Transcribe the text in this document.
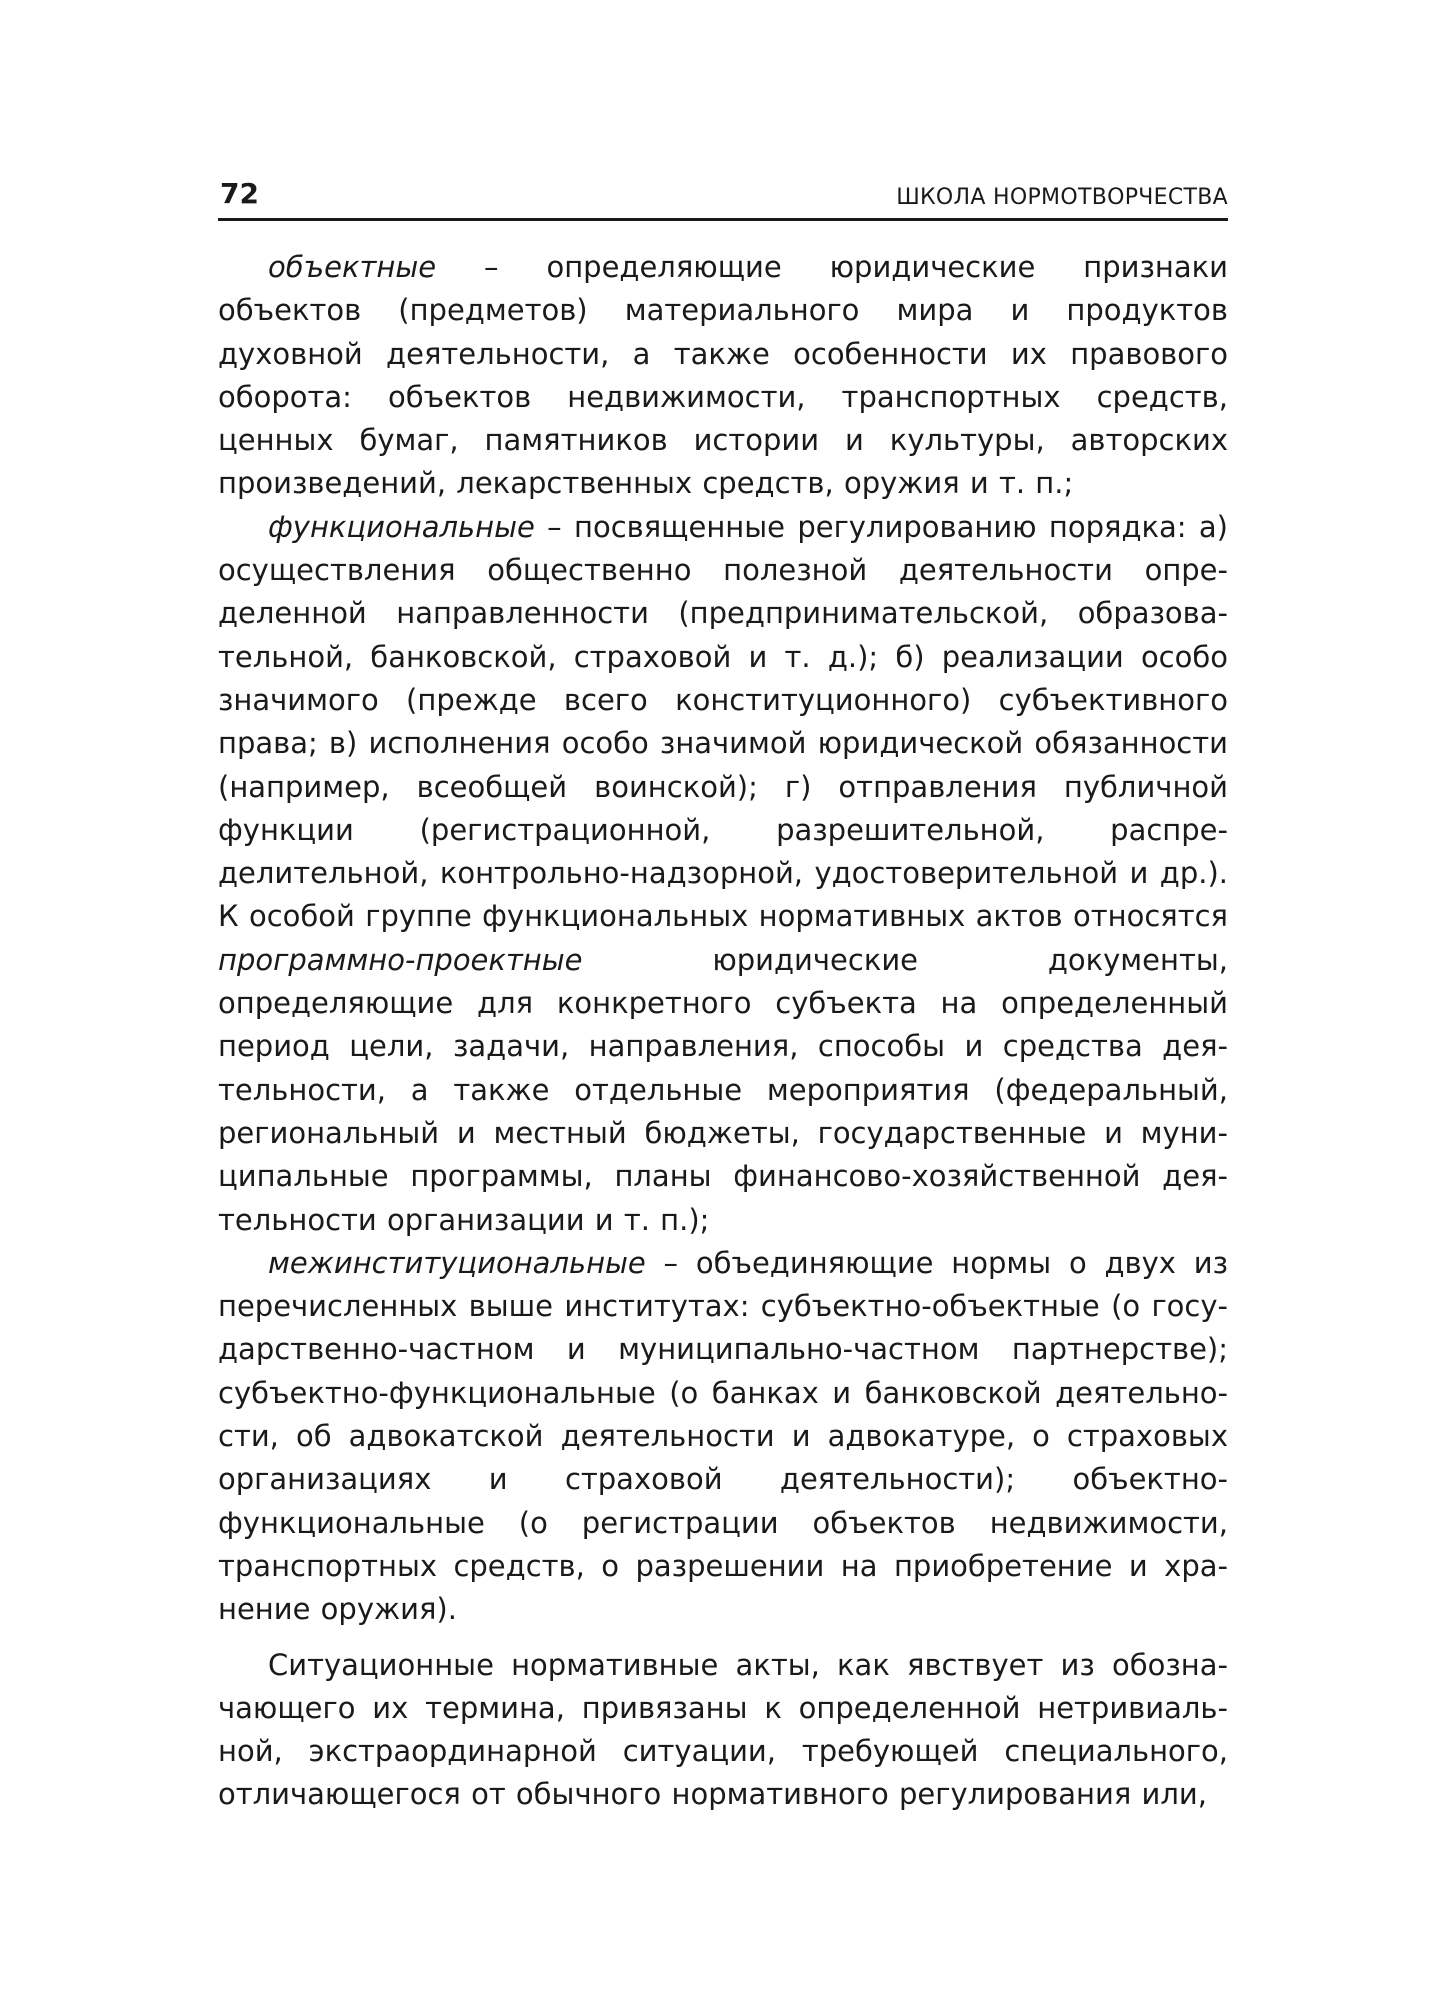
72	ШКОЛА НОРМОТВОРЧЕСТВА

объектные – определяющие юридические признаки объектов (предметов) материального мира и продуктов духовной деятельности, а также особенности их правового оборота: объектов недвижимости, транспортных средств, ценных бумаг, памятников истории и культуры, авторских произведений, лекарственных средств, оружия и т. п.;

функциональные – посвященные регулированию порядка: а) осуществления общественно полезной деятельности определенной направленности (предпринимательской, образовательной, банковской, страховой и т. д.); б) реализации особо значимого (прежде всего конституционного) субъективного права; в) исполнения особо значимой юридической обязанности (например, всеобщей воинской); г) отправления публичной функции (регистрационной, разрешительной, распределительной, контрольно-надзорной, удостоверительной и др.). К особой группе функциональных нормативных актов относятся программно-проектные юридические документы, определяющие для конкретного субъекта на определенный период цели, задачи, направления, способы и средства деятельности, а также отдельные мероприятия (федеральный, региональный и местный бюджеты, государственные и муниципальные программы, планы финансово-хозяйственной деятельности организации и т. п.);

межинституциональные – объединяющие нормы о двух из перечисленных выше институтах: субъектно-объектные (о государственно-частном и муниципально-частном партнерстве); субъектно-функциональные (о банках и банковской деятельности, об адвокатской деятельности и адвокатуре, о страховых организациях и страховой деятельности); объектно-функциональные (о регистрации объектов недвижимости, транспортных средств, о разрешении на приобретение и хранение оружия).

Ситуационные нормативные акты, как явствует из обозначающего их термина, привязаны к определенной нетривиальной, экстраординарной ситуации, требующей специального, отличающегося от обычного нормативного регулирования или,
